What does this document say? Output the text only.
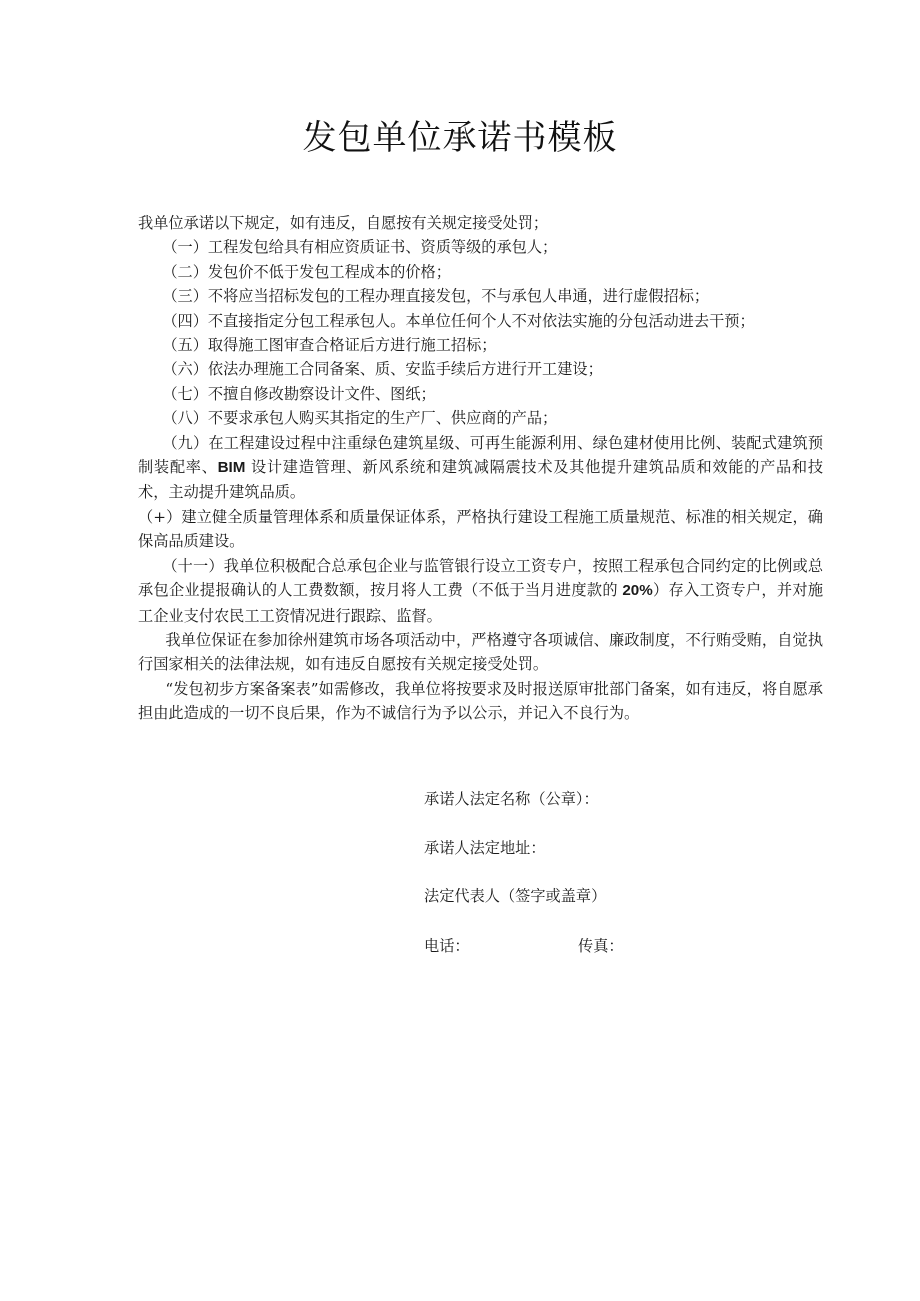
发包单位承诺书模板

我单位承诺以下规定，如有违反，自愿按有关规定接受处罚；

（一）工程发包给具有相应资质证书、资质等级的承包人；

（二）发包价不低于发包工程成本的价格；

（三）不将应当招标发包的工程办理直接发包，不与承包人串通，进行虚假招标；

（四）不直接指定分包工程承包人。本单位任何个人不对依法实施的分包活动进去干预；

（五）取得施工图审查合格证后方进行施工招标；

（六）依法办理施工合同备案、质、安监手续后方进行开工建设；

（七）不擅自修改勘察设计文件、图纸；

（八）不要求承包人购买其指定的生产厂、供应商的产品；

（九）在工程建设过程中注重绿色建筑星级、可再生能源利用、绿色建材使用比例、装配式建筑预制装配率、BIM 设计建造管理、新风系统和建筑减隔震技术及其他提升建筑品质和效能的产品和技术，主动提升建筑品质。

（+）建立健全质量管理体系和质量保证体系，严格执行建设工程施工质量规范、标准的相关规定，确保高品质建设。

（十一）我单位积极配合总承包企业与监管银行设立工资专户，按照工程承包合同约定的比例或总承包企业提报确认的人工费数额，按月将人工费（不低于当月进度款的 20%）存入工资专户，并对施工企业支付农民工工资情况进行跟踪、监督。

我单位保证在参加徐州建筑市场各项活动中，严格遵守各项诚信、廉政制度，不行贿受贿，自觉执行国家相关的法律法规，如有违反自愿按有关规定接受处罚。

“发包初步方案备案表”如需修改，我单位将按要求及时报送原审批部门备案，如有违反，将自愿承担由此造成的一切不良后果，作为不诚信行为予以公示，并记入不良行为。

承诺人法定名称（公章）：
承诺人法定地址：
法定代表人（签字或盖章）
电话：	传真：
